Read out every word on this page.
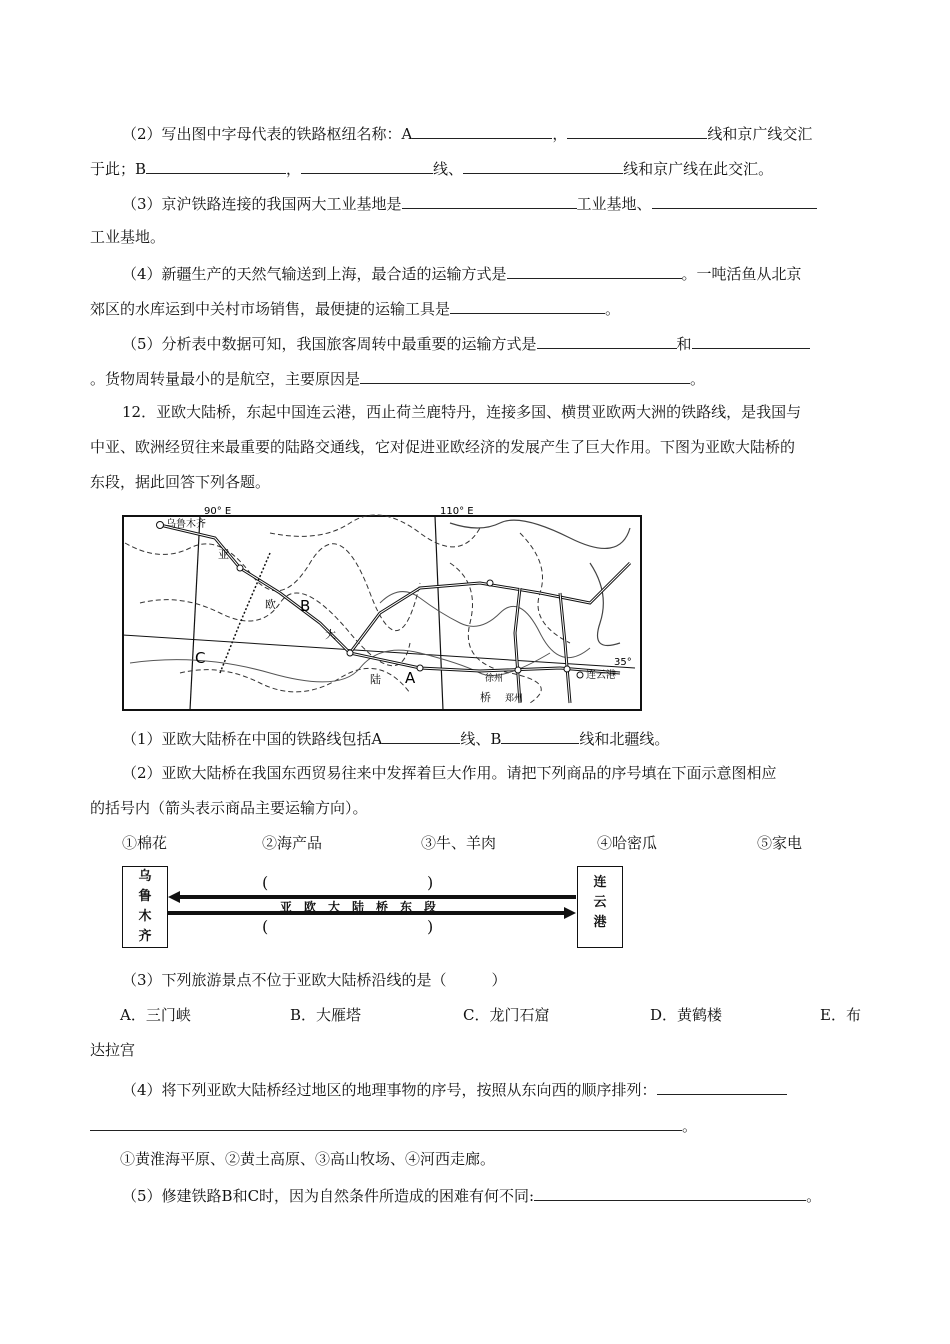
（2）写出图中字母代表的铁路枢纽名称：A	，	线和京广线交汇
于此；B	，	线、	线和京广线在此交汇。
（3）京沪铁路连接的我国两大工业基地是	工业基地、
工业基地。
（4）新疆生产的天然气输送到上海，最合适的运输方式是	。一吨活鱼从北京
郊区的水库运到中关村市场销售，最便捷的运输工具是	。
（5）分析表中数据可知，我国旅客周转中最重要的运输方式是	和
。货物周转量最小的是航空，主要原因是	。
12．亚欧大陆桥，东起中国连云港，西止荷兰鹿特丹，连接多国、横贯亚欧两大洲的铁路线，是我国与
中亚、欧洲经贸往来最重要的陆路交通线，它对促进亚欧经济的发展产生了巨大作用。下图为亚欧大陆桥的
东段，据此回答下列各题。
90° E	110° E
35°
乌鲁木齐
连云港
B
C
A
亚
欧
大
陆
桥 郑州
徐州
（1）亚欧大陆桥在中国的铁路线包括A	线、B	线和北疆线。
（2）亚欧大陆桥在我国东西贸易往来中发挥着巨大作用。请把下列商品的序号填在下面示意图相应
的括号内（箭头表示商品主要运输方向）。
①棉花	②海产品	③牛、羊肉	④哈密瓜	⑤家电
乌鲁木齐
连云港
(	)
(	)
亚　欧　大　陆　桥　东　段
（3）下列旅游景点不位于亚欧大陆桥沿线的是（　　　）
A．三门峡	B．大雁塔	C．龙门石窟	D．黄鹤楼	E．布
达拉宫
（4）将下列亚欧大陆桥经过地区的地理事物的序号，按照从东向西的顺序排列：
。
①黄淮海平原、②黄土高原、③高山牧场、④河西走廊。
（5）修建铁路B和C时，因为自然条件所造成的困难有何不同:	。
